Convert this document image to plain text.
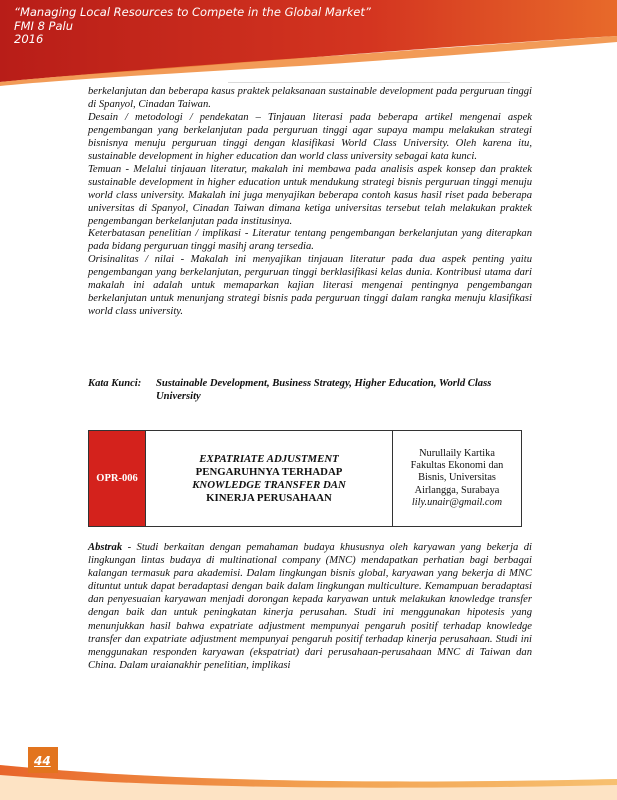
“Managing Local Resources to Compete in the Global Market”
FMI 8 Palu
2016

berkelanjutan dan beberapa kasus praktek pelaksanaan sustainable development pada perguruan tinggi di Spanyol, Cinadan Taiwan.

Desain / metodologi / pendekatan – Tinjauan literasi pada beberapa artikel mengenai aspek pengembangan yang berkelanjutan pada perguruan tinggi agar supaya mampu melakukan strategi bisnisnya menuju perguruan tinggi dengan klasifikasi World Class University. Oleh karena itu, sustainable development in higher education dan world class university sebagai kata kunci.

Temuan - Melalui tinjauan literatur, makalah ini membawa pada analisis aspek konsep dan praktek sustainable development in higher education untuk mendukung strategi bisnis perguruan tinggi menuju world class university. Makalah ini juga menyajikan beberapa contoh kasus hasil riset pada beberapa universitas di Spanyol, Cinadan Taiwan dimana ketiga universitas tersebut telah melakukan praktek pengembangan berkelanjutan pada institusinya.

Keterbatasan penelitian / implikasi - Literatur tentang pengembangan berkelanjutan yang diterapkan pada bidang perguruan tinggi masihj arang tersedia.

Orisinalitas / nilai - Makalah ini menyajikan tinjauan literatur pada dua aspek penting yaitu pengembangan yang berkelanjutan, perguruan tinggi berklasifikasi kelas dunia. Kontribusi utama dari makalah ini adalah untuk memaparkan kajian literasi mengenai pentingnya pengembangan berkelanjutan untuk menunjang strategi bisnis pada perguruan tinggi dalam rangka menuju klasifikasi world class university.

Kata Kunci:	Sustainable Development, Business Strategy, Higher Education, World Class University
OPR-006
EXPATRIATE ADJUSTMENT
PENGARUHNYA TERHADAP
KNOWLEDGE TRANSFER DAN
KINERJA PERUSAHAAN
Nurullaily Kartika
Fakultas Ekonomi dan
Bisnis, Universitas
Airlangga, Surabaya
lily.unair@gmail.com

Abstrak - Studi berkaitan dengan pemahaman budaya khususnya oleh karyawan yang bekerja di lingkungan lintas budaya di multinational company (MNC) mendapatkan perhatian bagi berbagai kalangan termasuk para akademisi. Dalam lingkungan bisnis global, karyawan yang bekerja di MNC dituntut untuk dapat beradaptasi dengan baik dalam lingkungan multiculture. Kemampuan beradaptasi dan penyesuaian karyawan menjadi dorongan kepada karyawan untuk melakukan knowledge transfer dengan baik dan untuk peningkatan kinerja perusahan. Studi ini menggunakan hipotesis yang menunjukkan hasil bahwa expatriate adjustment mempunyai pengaruh positif terhadap knowledge transfer dan expatriate adjustment mempunyai pengaruh positif terhadap kinerja perusahaan. Studi ini menggunakan responden karyawan (ekspatriat) dari perusahaan-perusahaan MNC di Taiwan dan China. Dalam uraianakhir penelitian, implikasi

44
